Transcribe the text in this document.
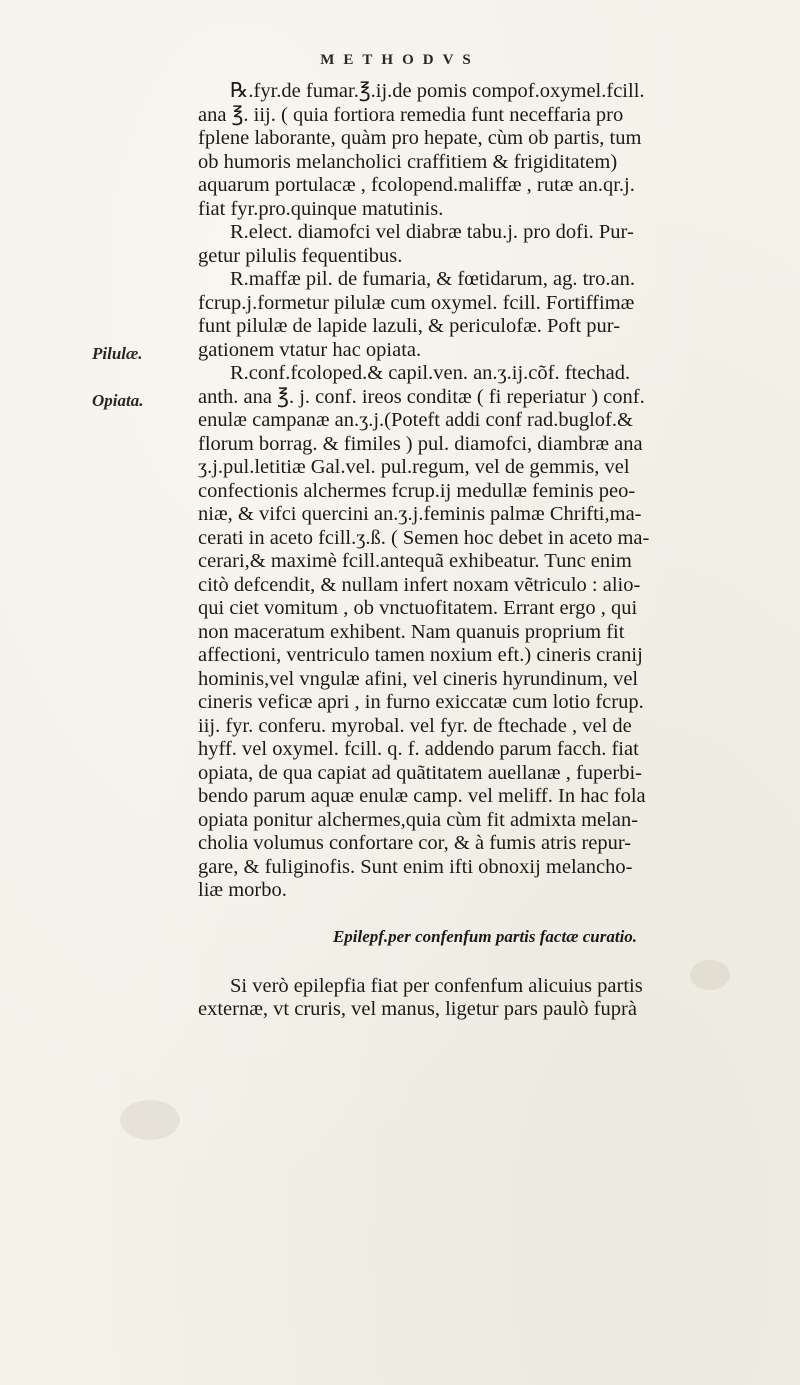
METHODVS
Pilulæ.
Opiata.
℞.fyr.de fumar.℥.ij.de pomis compof.oxymel.fcill.
ana ℥. iij. ( quia fortiora remedia funt neceffaria pro
fplene laborante, quàm pro hepate, cùm ob partis, tum
ob humoris melancholici craffitiem & frigiditatem)
aquarum portulacæ , fcolopend.maliffæ , rutæ an.qr.j.
fiat fyr.pro.quinque matutinis.
R.elect. diamofci vel diabræ tabu.j. pro dofi. Pur-
getur pilulis fequentibus.
R.maffæ pil. de fumaria, & fœtidarum, ag. tro.an.
fcrup.j.formetur pilulæ cum oxymel. fcill. Fortiffimæ
funt pilulæ de lapide lazuli, & periculofæ. Poft pur-
gationem vtatur hac opiata.
R.conf.fcoloped.& capil.ven. an.ʒ.ij.cõf. ftechad.
anth. ana ℥. j. conf. ireos conditæ ( fi reperiatur ) conf.
enulæ campanæ an.ʒ.j.(Poteft addi conf rad.buglof.&
florum borrag. & fimiles ) pul. diamofci, diambræ ana
ʒ.j.pul.letitiæ Gal.vel. pul.regum, vel de gemmis, vel
confectionis alchermes fcrup.ij medullæ feminis peo-
niæ, & vifci quercini an.ʒ.j.feminis palmæ Chrifti,ma-
cerati in aceto fcill.ʒ.ß. ( Semen hoc debet in aceto ma-
cerari,& maximè fcill.antequã exhibeatur. Tunc enim
citò defcendit, & nullam infert noxam vẽtriculo : alio-
qui ciet vomitum , ob vnctuofitatem. Errant ergo , qui
non maceratum exhibent. Nam quanuis proprium fit
affectioni, ventriculo tamen noxium eft.) cineris cranij
hominis,vel vngulæ afini, vel cineris hyrundinum, vel
cineris veficæ apri , in furno exiccatæ cum lotio fcrup.
iij. fyr. conferu. myrobal. vel fyr. de ftechade , vel de
hyff. vel oxymel. fcill. q. f. addendo parum facch. fiat
opiata, de qua capiat ad quãtitatem auellanæ , fuperbi-
bendo parum aquæ enulæ camp. vel meliff. In hac fola
opiata ponitur alchermes,quia cùm fit admixta melan-
cholia volumus confortare cor, & à fumis atris repur-
gare, & fuliginofis. Sunt enim ifti obnoxij melancho-
liæ morbo.
Epilepf.per confenfum partis factæ curatio.
Si verò epilepfia fiat per confenfum alicuius partis
externæ, vt cruris, vel manus, ligetur pars paulò fuprà
